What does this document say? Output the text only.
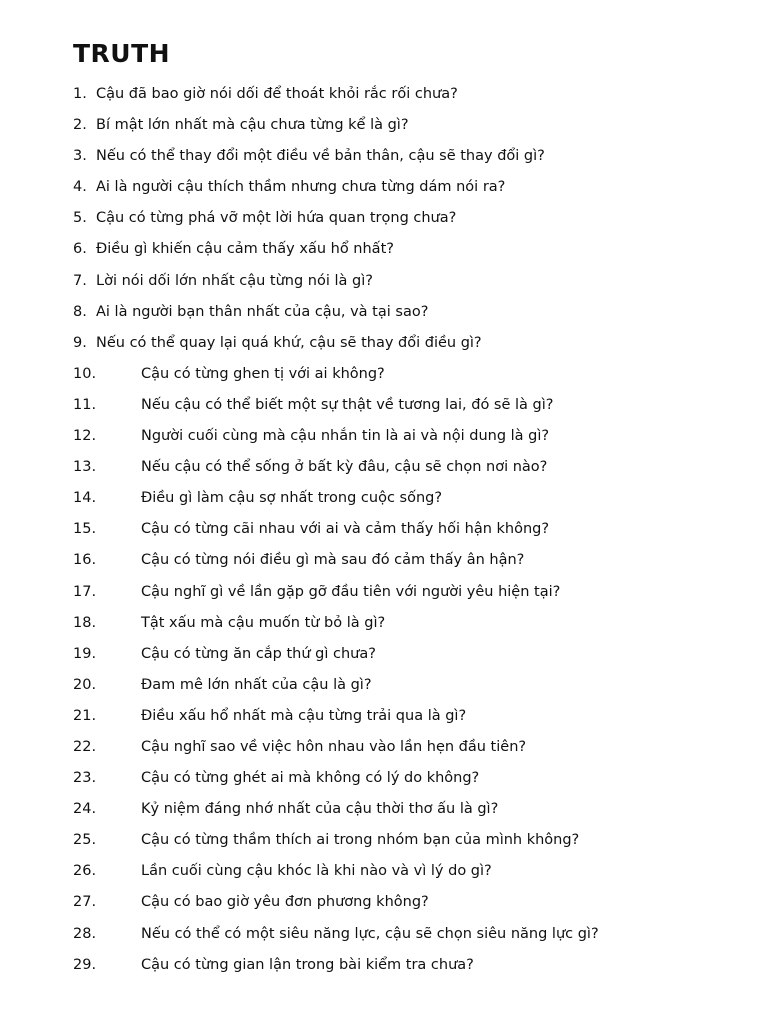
TRUTH
1. Cậu đã bao giờ nói dối để thoát khỏi rắc rối chưa?
2. Bí mật lớn nhất mà cậu chưa từng kể là gì?
3. Nếu có thể thay đổi một điều về bản thân, cậu sẽ thay đổi gì?
4. Ai là người cậu thích thầm nhưng chưa từng dám nói ra?
5. Cậu có từng phá vỡ một lời hứa quan trọng chưa?
6. Điều gì khiến cậu cảm thấy xấu hổ nhất?
7. Lời nói dối lớn nhất cậu từng nói là gì?
8. Ai là người bạn thân nhất của cậu, và tại sao?
9. Nếu có thể quay lại quá khứ, cậu sẽ thay đổi điều gì?
10.	Cậu có từng ghen tị với ai không?
11.	Nếu cậu có thể biết một sự thật về tương lai, đó sẽ là gì?
12.	Người cuối cùng mà cậu nhắn tin là ai và nội dung là gì?
13.	Nếu cậu có thể sống ở bất kỳ đâu, cậu sẽ chọn nơi nào?
14.	Điều gì làm cậu sợ nhất trong cuộc sống?
15.	Cậu có từng cãi nhau với ai và cảm thấy hối hận không?
16.	Cậu có từng nói điều gì mà sau đó cảm thấy ân hận?
17.	Cậu nghĩ gì về lần gặp gỡ đầu tiên với người yêu hiện tại?
18.	Tật xấu mà cậu muốn từ bỏ là gì?
19.	Cậu có từng ăn cắp thứ gì chưa?
20.	Đam mê lớn nhất của cậu là gì?
21.	Điều xấu hổ nhất mà cậu từng trải qua là gì?
22.	Cậu nghĩ sao về việc hôn nhau vào lần hẹn đầu tiên?
23.	Cậu có từng ghét ai mà không có lý do không?
24.	Kỷ niệm đáng nhớ nhất của cậu thời thơ ấu là gì?
25.	Cậu có từng thầm thích ai trong nhóm bạn của mình không?
26.	Lần cuối cùng cậu khóc là khi nào và vì lý do gì?
27.	Cậu có bao giờ yêu đơn phương không?
28.	Nếu có thể có một siêu năng lực, cậu sẽ chọn siêu năng lực gì?
29.	Cậu có từng gian lận trong bài kiểm tra chưa?
